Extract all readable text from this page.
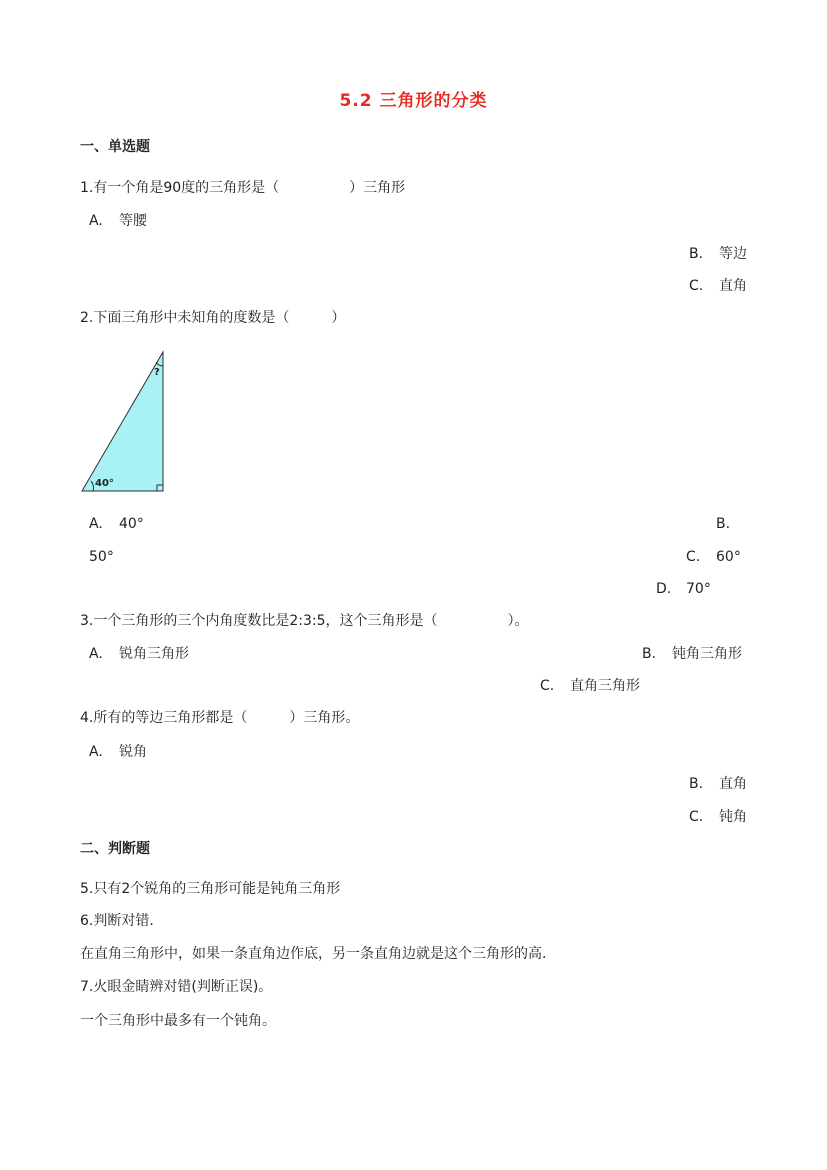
5.2 三角形的分类
一、单选题
1.有一个角是90度的三角形是（　　　　　）三角形
A. 等腰
B. 等边
C. 直角
2.下面三角形中未知角的度数是（　　　）
40°
?
A. 40°	B.
50°	C. 60°
D. 70°
3.一个三角形的三个内角度数比是2:3:5，这个三角形是（　　　　　）。
A. 锐角三角形	B. 钝角三角形
C. 直角三角形
4.所有的等边三角形都是（　　　）三角形。
A. 锐角
B. 直角
C. 钝角
二、判断题
5.只有2个锐角的三角形可能是钝角三角形
6.判断对错.
在直角三角形中，如果一条直角边作底，另一条直角边就是这个三角形的高.
7.火眼金睛辨对错(判断正误)。
一个三角形中最多有一个钝角。
